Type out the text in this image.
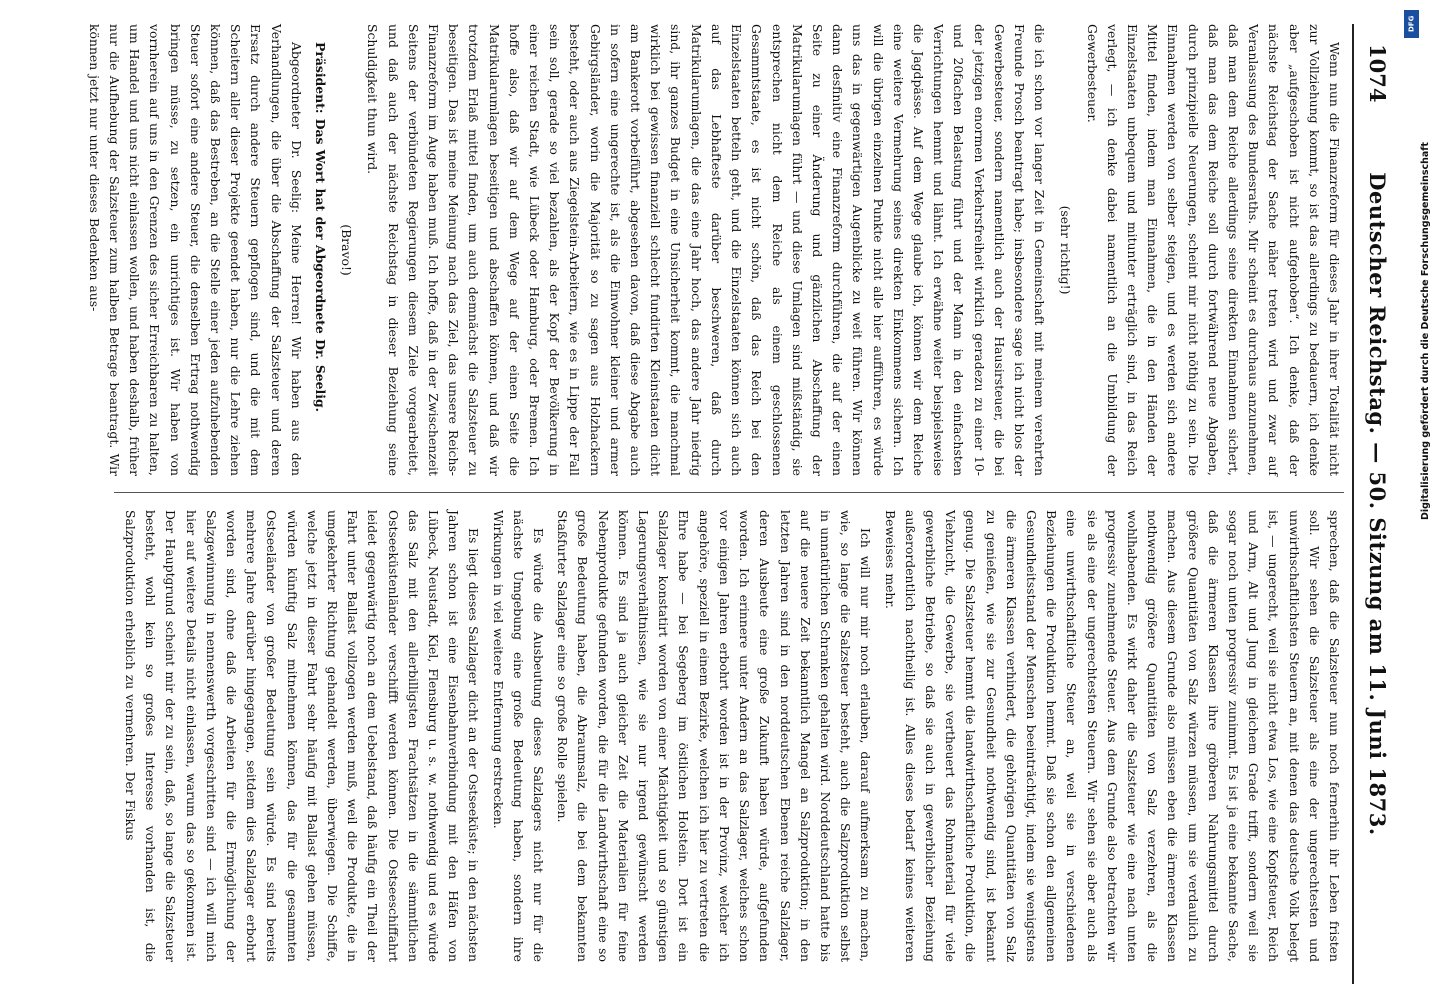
1074
Deutscher Reichstag. — 50. Sitzung am 11. Juni 1873.

Wenn nun die Finanzreform für dieses Jahr in ihrer Totalität nicht zur Vollziehung kommt, so ist das allerdings zu bedauern, ich denke aber „aufgeschoben ist nicht aufgehoben“. Ich denke, daß der nächste Reichstag der Sache näher treten wird und zwar auf Veranlassung des Bundesraths. Mir scheint es durchaus anzunehmen, daß man dem Reiche allerdings seine direkten Einnahmen sichert, daß man das dem Reiche soll durch fortwährend neue Abgaben, durch prinzipielle Neuerungen, scheint mir nicht nöthig zu sein. Die Einnahmen werden von selber steigen, und es werden sich andere Mittel finden, indem man Einnahmen, die in den Händen der Einzelstaaten unbequem und mitunter erträglich sind, in das Reich verlegt, — ich denke dabei namentlich an die Umbildung der Gewerbesteuer.

(sehr richtig!)

die ich schon vor langer Zeit in Gemeinschaft mit meinem verehrten Freunde Prosch beantragt habe; insbesondere sage ich nicht blos der Gewerbesteuer, sondern namentlich auch der Hausirsteuer, die bei der jetzigen enormen Verkehrsfreiheit wirklich geradezu zu einer 10- und 20fachen Belastung führt und der Mann in den einfachsten Verrichtungen hemmt und lähmt. Ich erwähne weiter beispielsweise die Jagdpässe. Auf dem Wege glaube ich, können wir dem Reiche eine weitere Vermehrung seines direkten Einkommens sichern. Ich will die übrigen einzelnen Punkte nicht alle hier aufführen, es würde uns das in gegenwärtigen Augenblicke zu weit führen. Wir können dann desfinitiv eine Finanzreform durchführen, die auf der einen Seite zu einer Änderung und gänzlichen Abschaffung der Matrikularumlagen führt — und diese Umlagen sind mißständig, sie entsprechen nicht dem Reiche als einem geschlossenen Gesammtstaate, es ist nicht schön, daß das Reich bei den Einzelstaaten betteln geht, und die Einzelstaaten können sich auch auf das Lebhafteste darüber beschweren, daß durch Matrikularumlagen, die das eine Jahr hoch, das andere Jahr niedrig sind, ihr ganzes Budget in eine Unsicherheit kommt, die manchmal wirklich bei gewissen finanziell schlecht fundirten Kleinstaaten dicht am Bankerott vorbeiführt, abgesehen davon, daß diese Abgabe auch in sofern eine ungerechte ist, als die Einwohner kleiner und armer Gebirgsländer, worin die Majorität so zu sagen aus Holzhackern besteht, oder auch aus Ziegelstein-Arbeitern, wie es in Lippe der Fall sein soll, gerade so viel bezahlen, als der Kopf der Bevölkerung in einer reichen Stadt, wie Lübeck oder Hamburg, oder Bremen. Ich hoffe also, daß wir auf dem Wege auf der einen Seite die Matrikularumlagen beseitigen und abschaffen können, und daß wir trotzdem Erlaß mittel finden, um auch demnächst die Salzsteuer zu beseitigen. Das ist meine Meinung nach das Ziel, das unsere Reichs-Finanzreform im Auge haben muß. Ich hoffe, daß in der Zwischenzeit Seitens der verbündeten Regierungen diesem Ziele vorgearbeitet, und daß auch der nächste Reichstag in dieser Beziehung seine Schuldigkeit thun wird.

(Bravo!)

Präsident: Das Wort hat der Abgeordnete Dr. Seelig.

Abgeordneter Dr. Seelig: Meine Herren! Wir haben aus den Verhandlungen, die über die Abschaffung der Salzsteuer und deren Ersatz durch andere Steuern gepflogen sind, und die mit dem Scheitern aller dieser Projekte geendet haben, nur die Lehre ziehen können, daß das Bestreben, an die Stelle einer jeden aufzuhebenden Steuer sofort eine andere Steuer, die denselben Ertrag nothwendig bringen müsse, zu setzen, ein unrichtiges ist. Wir haben von vornherein auf uns in den Grenzen des sicher Erreichbaren zu halten, um Handel und uns nicht einlassen wollen, und haben deshalb, früher nur die Aufhebung der Salzsteuer zum halben Betrage beantragt. Wir können jetzt nur unter dieses Bedenken aus-

sprechen, daß die Salzsteuer nun noch fernerhin ihr Leben fristen soll. Wir sehen die Salzsteuer als eine der ungerechtesten und unwirthschaftlichsten Steuern an, mit denen das deutsche Volk belegt ist, — ungerecht, weil sie nicht etwa Los, wie eine Kopfsteuer, Reich und Arm, Alt und Jung in gleichem Grade trifft, sondern weil sie sogar noch unten progressiv zunimmt. Es ist ja eine bekannte Sache, daß die ärmeren Klassen ihre gröberen Nahrungsmittel durch größere Quantitäten von Salz würzen müssen, um sie verdaulich zu machen. Aus diesem Grunde also müssen eben die ärmeren Klassen nothwendig größere Quantitäten von Salz verzehren, als die wohlhabenden. Es wirkt daher die Salzsteuer wie eine nach unten progressiv zunehmende Steuer. Aus dem Grunde also betrachten wir sie als eine der ungerechtesten Steuern. Wir sehen sie aber auch als eine unwirthschaftliche Steuer an, weil sie in verschiedenen Beziehungen die Produktion hemmt. Daß sie schon den allgemeinen Gesundheitsstand der Menschen beeinträchtigt, indem sie wenigstens die ärmeren Klassen verhindert, die gehörigen Quantitäten von Salz zu genießen, wie sie zur Gesundheit nothwendig sind, ist bekannt genug. Die Salzsteuer hemmt die landwirthschaftliche Produktion, die Viehzucht, die Gewerbe, sie vertheuert das Rohmaterial für viele gewerbliche Betriebe, so daß sie auch in gewerblicher Beziehung außerordentlich nachtheilig ist. Alles dieses bedarf keines weiteren Beweises mehr.

Ich will nur mir noch erlauben, darauf aufmerksam zu machen, wie, so lange die Salzsteuer besteht, auch die Salzproduktion selbst in unnatürlichen Schranken gehalten wird. Norddeutschland hatte bis auf die neuere Zeit bekanntlich Mangel an Salzproduktion; in den letzten Jahren sind in den norddeutschen Ebenen reiche Salzlager, deren Ausbeute eine große Zukunft haben würde, aufgefunden worden. Ich erinnere unter Andern an das Salzlager, welches schon vor einigen Jahren erbohrt worden ist in der Provinz, welcher ich angehöre, speziell in einem Bezirke, welchen ich hier zu vertreten die Ehre habe — bei Segeberg im östlichen Holstein. Dort ist ein Salzlager konstatirt worden von einer Mächtigkeit und so günstigen Lagerungsverhältnissen, wie sie nur irgend gewünscht werden können. Es sind ja auch gleicher Zeit die Materialien für feine Nebenprodukte gefunden worden, die für die Landwirthschaft eine so große Bedeutung haben, die Abraumsalz, die bei dem bekannten Staßfurter Salzlager eine so große Rolle spielen.

Es würde die Ausbeutung dieses Salzlagers nicht nur für die nächste Umgebung eine große Bedeutung haben, sondern ihre Wirkungen in viel weitere Entfernung erstrecken.

Es liegt dieses Salzlager dicht an der Ostseeküste; in den nächsten Jahren schon ist eine Eisenbahnverbindung mit den Häfen von Lübeck, Neustadt, Kiel, Flensburg u. s. w. nothwendig und es würde das Salz mit den allerbilligsten Frachtsätzen in die sämmtlichen Ostseeküstenländer verschifft werden können. Die Ostseeschiffahrt leidet gegenwärtig noch an dem Uebelstand, daß häufig ein Theil der Fahrt unter Ballast vollzogen werden muß, weil die Produkte, die in umgekehrter Richtung gehandelt werden, überwiegen. Die Schiffe, welche jetzt in dieser Fahrt sehr häufig mit Ballast gehen müssen, würden künftig Salz mitnehmen können, das für die gesammten Ostseeländer von großer Bedeutung sein würde. Es sind bereits mehrere Jahre darüber hingegangen, seitdem dies Salzlager erbohrt worden sind, ohne daß die Arbeiten für die Ermöglichung der Salzgewinnung in nennenswerth vorgeschritten sind — ich will mich hier auf weitere Details nicht einlassen, warum das so gekommen ist. Der Hauptgrund scheint mir der zu sein, daß, so lange die Salzsteuer besteht, wohl kein so großes Interesse vorhanden ist, die Salzproduktion erheblich zu vermehren. Der Fiskus

DFG
Digitalisierung gefördert durch die Deutsche Forschungsgemeinschaft
